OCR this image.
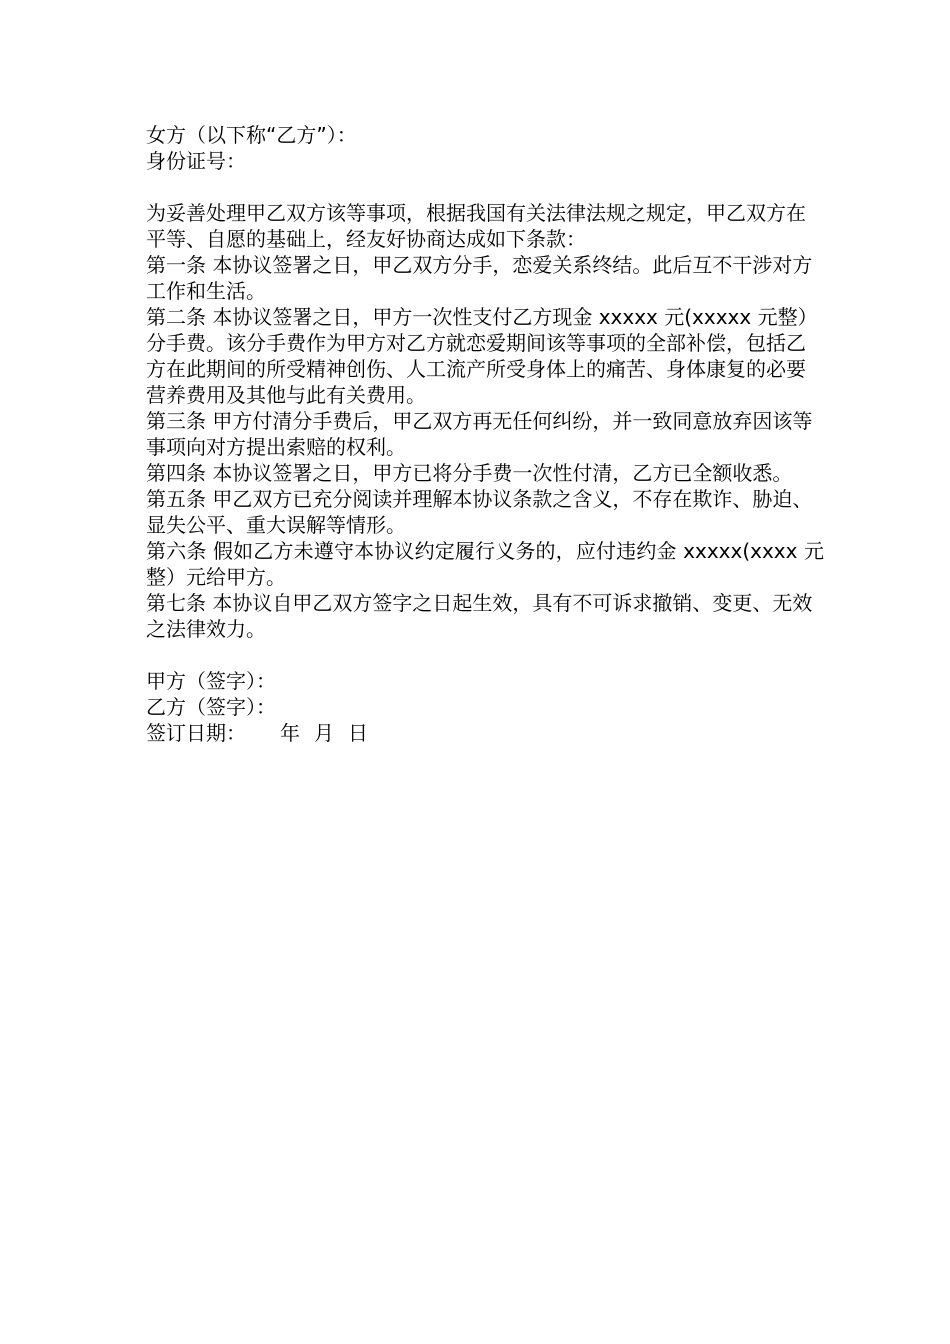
女方（以下称“乙方”）：
身份证号：
为妥善处理甲乙双方该等事项，根据我国有关法律法规之规定，甲乙双方在平等、自愿的基础上，经友好协商达成如下条款：
第一条 本协议签署之日，甲乙双方分手，恋爱关系终结。此后互不干涉对方工作和生活。
第二条 本协议签署之日，甲方一次性支付乙方现金 xxxxx 元(xxxxx 元整）分手费。该分手费作为甲方对乙方就恋爱期间该等事项的全部补偿，包括乙方在此期间的所受精神创伤、人工流产所受身体上的痛苦、身体康复的必要营养费用及其他与此有关费用。
第三条 甲方付清分手费后，甲乙双方再无任何纠纷，并一致同意放弃因该等事项向对方提出索赔的权利。
第四条 本协议签署之日，甲方已将分手费一次性付清，乙方已全额收悉。
第五条 甲乙双方已充分阅读并理解本协议条款之含义，不存在欺诈、胁迫、显失公平、重大误解等情形。
第六条 假如乙方未遵守本协议约定履行义务的，应付违约金 xxxxx(xxxx 元整）元给甲方。
第七条 本协议自甲乙双方签字之日起生效，具有不可诉求撤销、变更、无效之法律效力。
甲方（签字）：
乙方（签字）：
签订日期： 年 月 日
